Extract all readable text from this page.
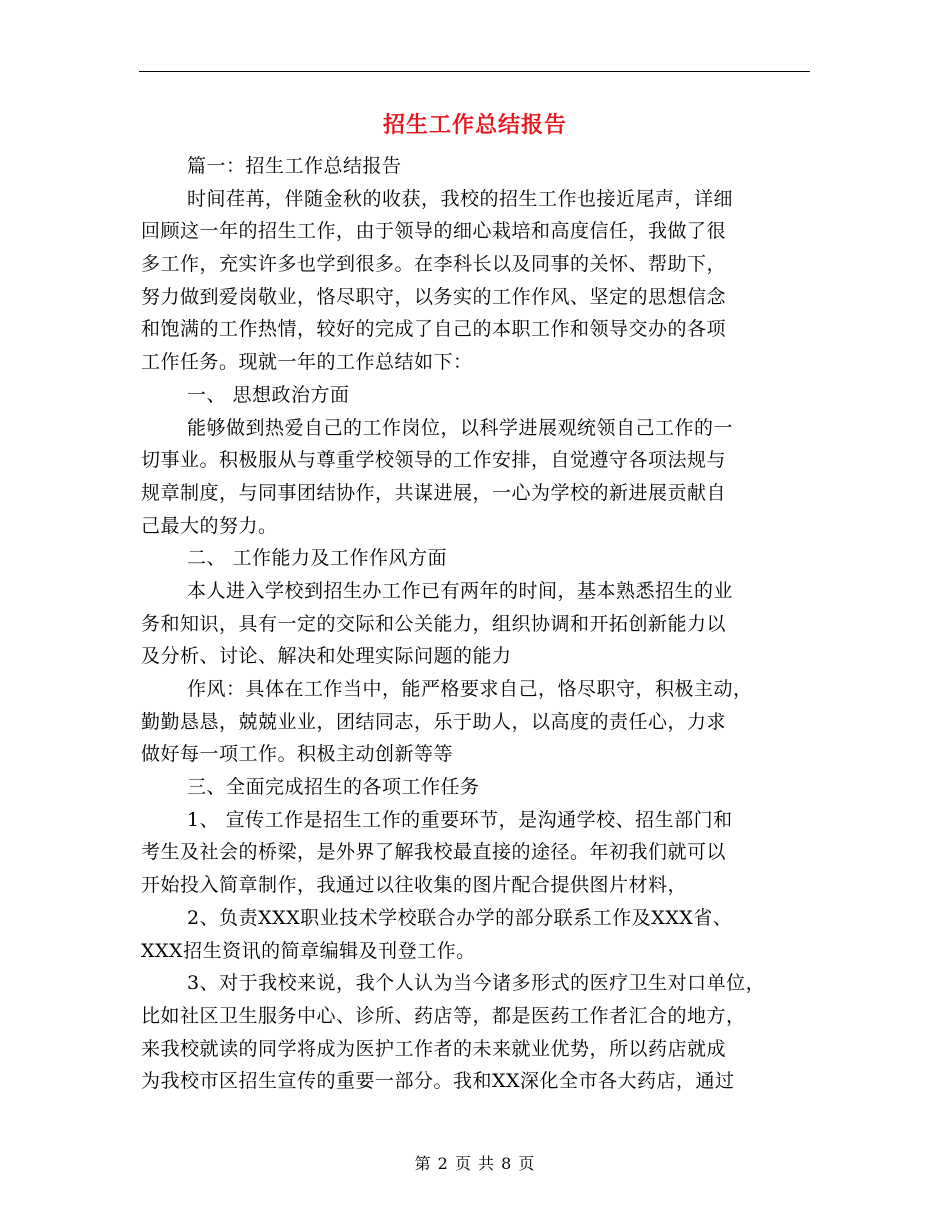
招生工作总结报告
篇一：招生工作总结报告
时间荏苒，伴随金秋的收获，我校的招生工作也接近尾声，详细
回顾这一年的招生工作，由于领导的细心栽培和高度信任，我做了很
多工作，充实许多也学到很多。在李科长以及同事的关怀、帮助下，
努力做到爱岗敬业，恪尽职守，以务实的工作作风、坚定的思想信念
和饱满的工作热情，较好的完成了自己的本职工作和领导交办的各项
工作任务。现就一年的工作总结如下：
一、 思想政治方面
能够做到热爱自己的工作岗位，以科学进展观统领自己工作的一
切事业。积极服从与尊重学校领导的工作安排，自觉遵守各项法规与
规章制度，与同事团结协作，共谋进展，一心为学校的新进展贡献自
己最大的努力。
二、 工作能力及工作作风方面
本人进入学校到招生办工作已有两年的时间，基本熟悉招生的业
务和知识，具有一定的交际和公关能力，组织协调和开拓创新能力以
及分析、讨论、解决和处理实际问题的能力
作风：具体在工作当中，能严格要求自己，恪尽职守，积极主动，
勤勤恳恳，兢兢业业，团结同志，乐于助人，以高度的责任心，力求
做好每一项工作。积极主动创新等等
三、全面完成招生的各项工作任务
1、 宣传工作是招生工作的重要环节，是沟通学校、招生部门和
考生及社会的桥梁，是外界了解我校最直接的途径。年初我们就可以
开始投入简章制作，我通过以往收集的图片配合提供图片材料，
2、负责XXX职业技术学校联合办学的部分联系工作及XXX省、
XXX招生资讯的简章编辑及刊登工作。
3、对于我校来说，我个人认为当今诸多形式的医疗卫生对口单位，
比如社区卫生服务中心、诊所、药店等，都是医药工作者汇合的地方，
来我校就读的同学将成为医护工作者的未来就业优势，所以药店就成
为我校市区招生宣传的重要一部分。我和XX深化全市各大药店，通过
第 2 页 共 8 页
